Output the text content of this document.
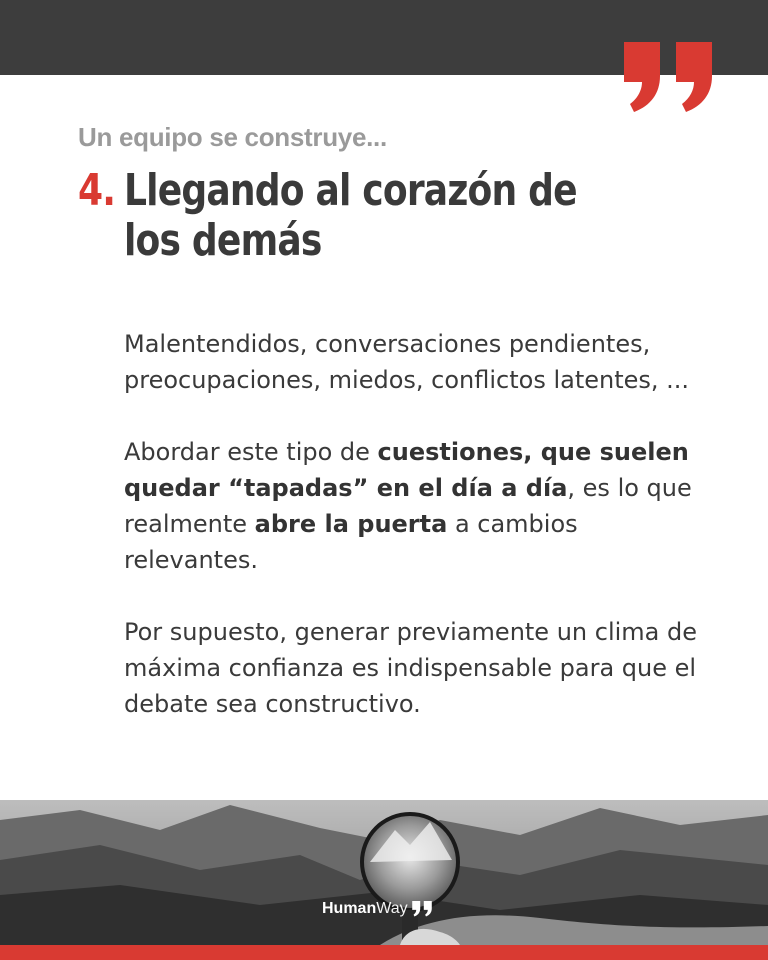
Un equipo se construye...
4. Llegando al corazón de
los demás

Malentendidos, conversaciones pendientes, preocupaciones, miedos, conflictos latentes, ...

Abordar este tipo de cuestiones, que suelen quedar “tapadas” en el día a día, es lo que realmente abre la puerta a cambios relevantes.

Por supuesto, generar previamente un clima de máxima confianza es indispensable para que el debate sea constructivo.

Human Way
